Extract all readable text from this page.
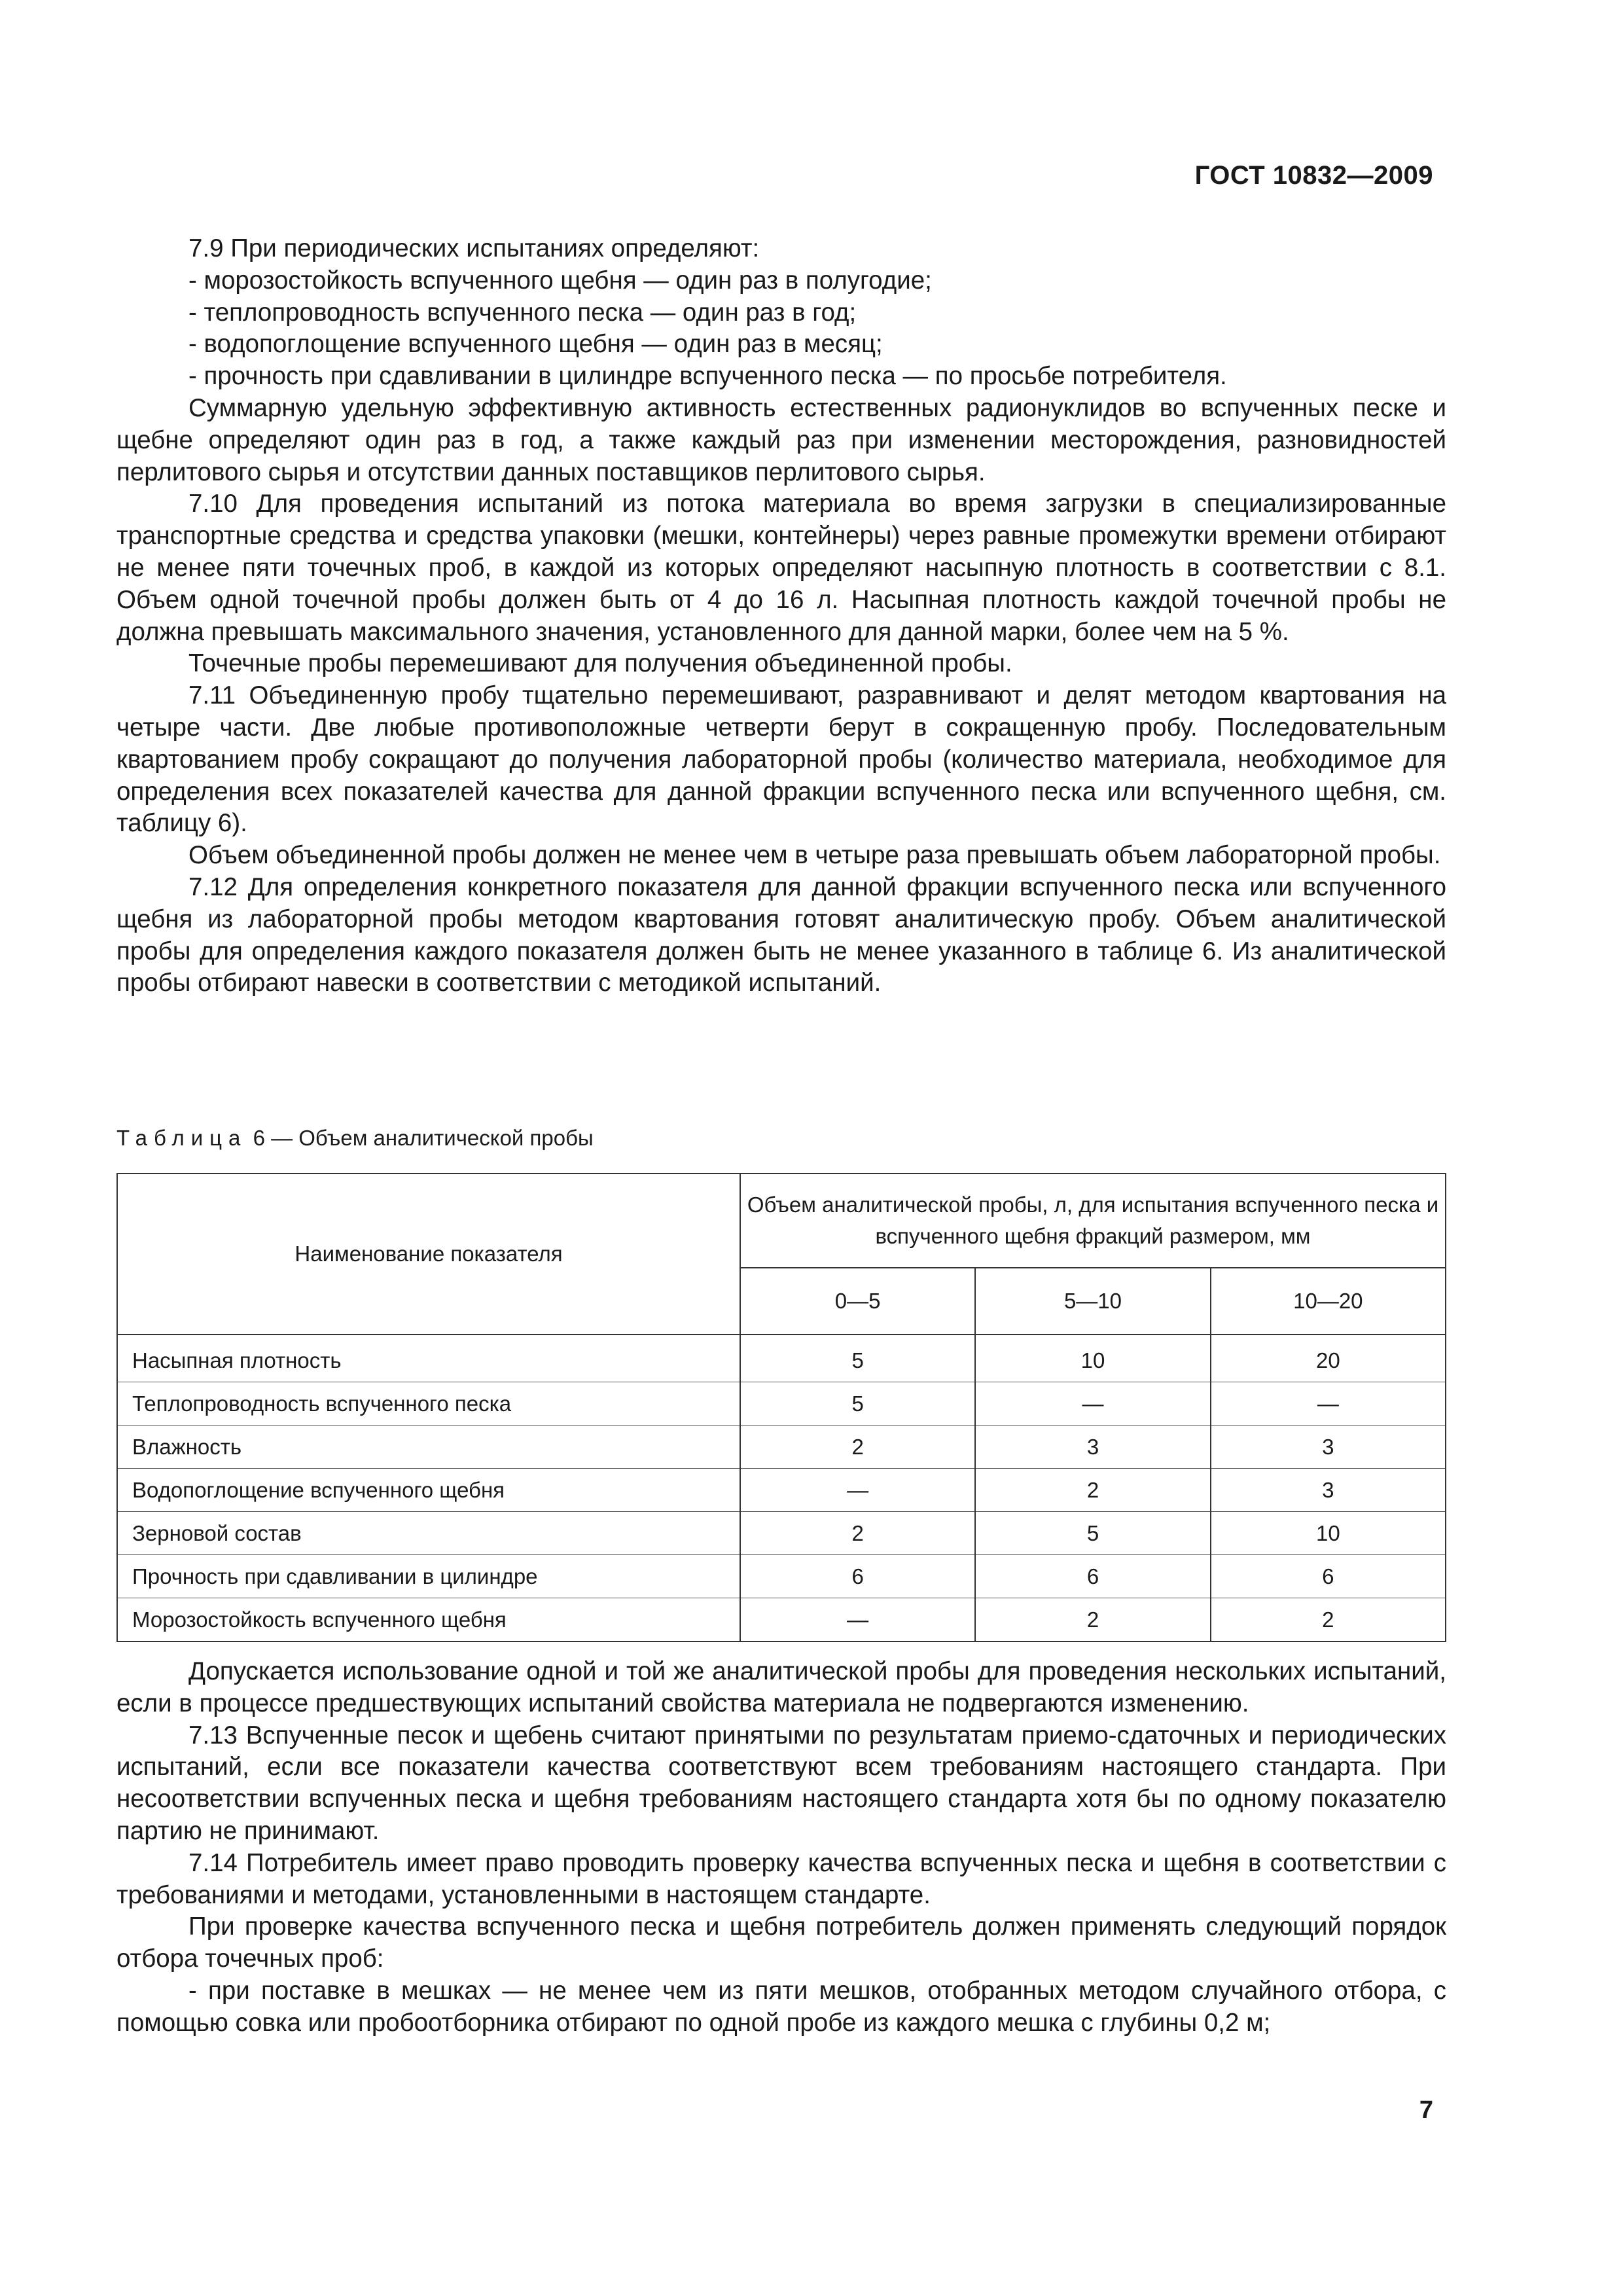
ГОСТ 10832—2009

7.9 При периодических испытаниях определяют:

- морозостойкость вспученного щебня — один раз в полугодие;

- теплопроводность вспученного песка — один раз в год;

- водопоглощение вспученного щебня — один раз в месяц;

- прочность при сдавливании в цилиндре вспученного песка — по просьбе потребителя.

Суммарную удельную эффективную активность естественных радионуклидов во вспученных песке и щебне определяют один раз в год, а также каждый раз при изменении месторождения, разновидностей перлитового сырья и отсутствии данных поставщиков перлитового сырья.

7.10 Для проведения испытаний из потока материала во время загрузки в специализированные транспортные средства и средства упаковки (мешки, контейнеры) через равные промежутки времени отбирают не менее пяти точечных проб, в каждой из которых определяют насыпную плотность в соответствии с 8.1. Объем одной точечной пробы должен быть от 4 до 16 л. Насыпная плотность каждой точечной пробы не должна превышать максимального значения, установленного для данной марки, более чем на 5 %.

Точечные пробы перемешивают для получения объединенной пробы.

7.11 Объединенную пробу тщательно перемешивают, разравнивают и делят методом квартования на четыре части. Две любые противоположные четверти берут в сокращенную пробу. Последовательным квартованием пробу сокращают до получения лабораторной пробы (количество материала, необходимое для определения всех показателей качества для данной фракции вспученного песка или вспученного щебня, см. таблицу 6).

Объем объединенной пробы должен не менее чем в четыре раза превышать объем лабораторной пробы.

7.12 Для определения конкретного показателя для данной фракции вспученного песка или вспученного щебня из лабораторной пробы методом квартования готовят аналитическую пробу. Объем аналитической пробы для определения каждого показателя должен быть не менее указанного в таблице 6. Из аналитической пробы отбирают навески в соответствии с методикой испытаний.

Таблица 6 — Объем аналитической пробы
Наименование показателя	Объем аналитической пробы, л, для испытания вспученного песка и вспученного щебня фракций размером, мм		
	0—5	5—10	10—20
Насыпная плотность	5	10	20
Теплопроводность вспученного песка	5	—	—
Влажность	2	3	3
Водопоглощение вспученного щебня	—	2	3
Зерновой состав	2	5	10
Прочность при сдавливании в цилиндре	6	6	6
Морозостойкость вспученного щебня	—	2	2

Допускается использование одной и той же аналитической пробы для проведения нескольких испытаний, если в процессе предшествующих испытаний свойства материала не подвергаются изменению.

7.13 Вспученные песок и щебень считают принятыми по результатам приемо-сдаточных и периодических испытаний, если все показатели качества соответствуют всем требованиям настоящего стандарта. При несоответствии вспученных песка и щебня требованиям настоящего стандарта хотя бы по одному показателю партию не принимают.

7.14 Потребитель имеет право проводить проверку качества вспученных песка и щебня в соответствии с требованиями и методами, установленными в настоящем стандарте.

При проверке качества вспученного песка и щебня потребитель должен применять следующий порядок отбора точечных проб:

- при поставке в мешках — не менее чем из пяти мешков, отобранных методом случайного отбора, с помощью совка или пробоотборника отбирают по одной пробе из каждого мешка с глубины 0,2 м;

7
